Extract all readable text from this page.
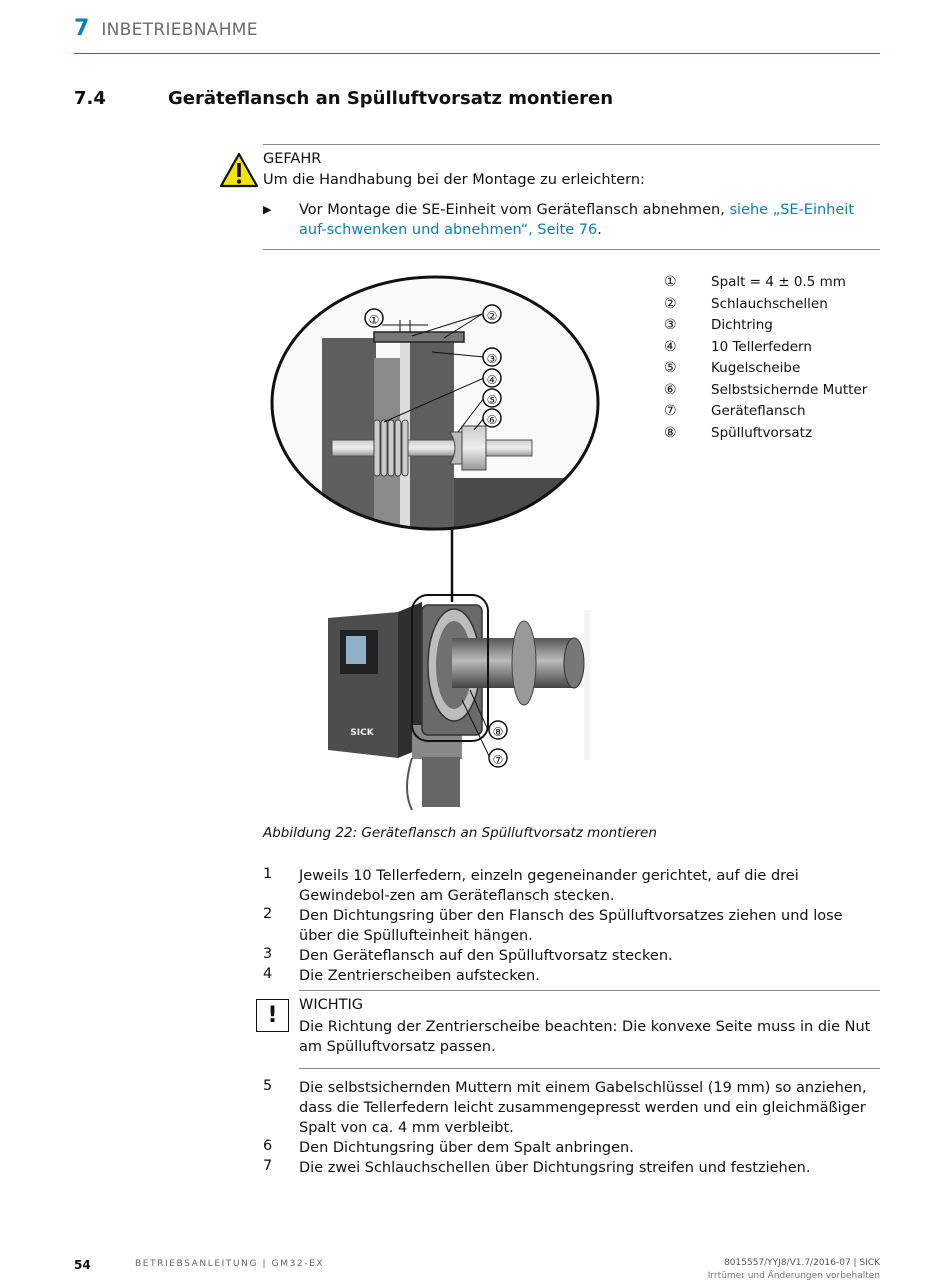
7 INBETRIEBNAHME
7.4	Geräteflansch an Spülluftvorsatz montieren
GEFAHR
Um die Handhabung bei der Montage zu erleichtern:
▶ Vor Montage die SE-Einheit vom Geräteflansch abnehmen, siehe „SE-Einheit auf-schwenken und abnehmen“, Seite 76.
①	②
③
④
⑤
⑥
SICK	⑧
⑦
①	Spalt = 4 ± 0.5 mm
②	Schlauchschellen
③	Dichtring
④	10 Tellerfedern
⑤	Kugelscheibe
⑥	Selbstsichernde Mutter
⑦	Geräteflansch
⑧	Spülluftvorsatz
Abbildung 22: Geräteflansch an Spülluftvorsatz montieren
1 Jeweils 10 Tellerfedern, einzeln gegeneinander gerichtet, auf die drei Gewindebol-zen am Geräteflansch stecken.
2 Den Dichtungsring über den Flansch des Spülluftvorsatzes ziehen und lose über die Spüllufteinheit hängen.
3 Den Geräteflansch auf den Spülluftvorsatz stecken.
4 Die Zentrierscheiben aufstecken.
!	WICHTIG
Die Richtung der Zentrierscheibe beachten: Die konvexe Seite muss in die Nut am Spülluftvorsatz passen.
5 Die selbstsichernden Muttern mit einem Gabelschlüssel (19 mm) so anziehen, dass die Tellerfedern leicht zusammengepresst werden und ein gleichmäßiger Spalt von ca. 4 mm verbleibt.
6 Den Dichtungsring über dem Spalt anbringen.
7 Die zwei Schlauchschellen über Dichtungsring streifen und festziehen.
54	BETRIEBSANLEITUNG | GM32-EX	8015557/YYJ8/V1.7/2016-07 | SICK
Irrtümer und Änderungen vorbehalten
